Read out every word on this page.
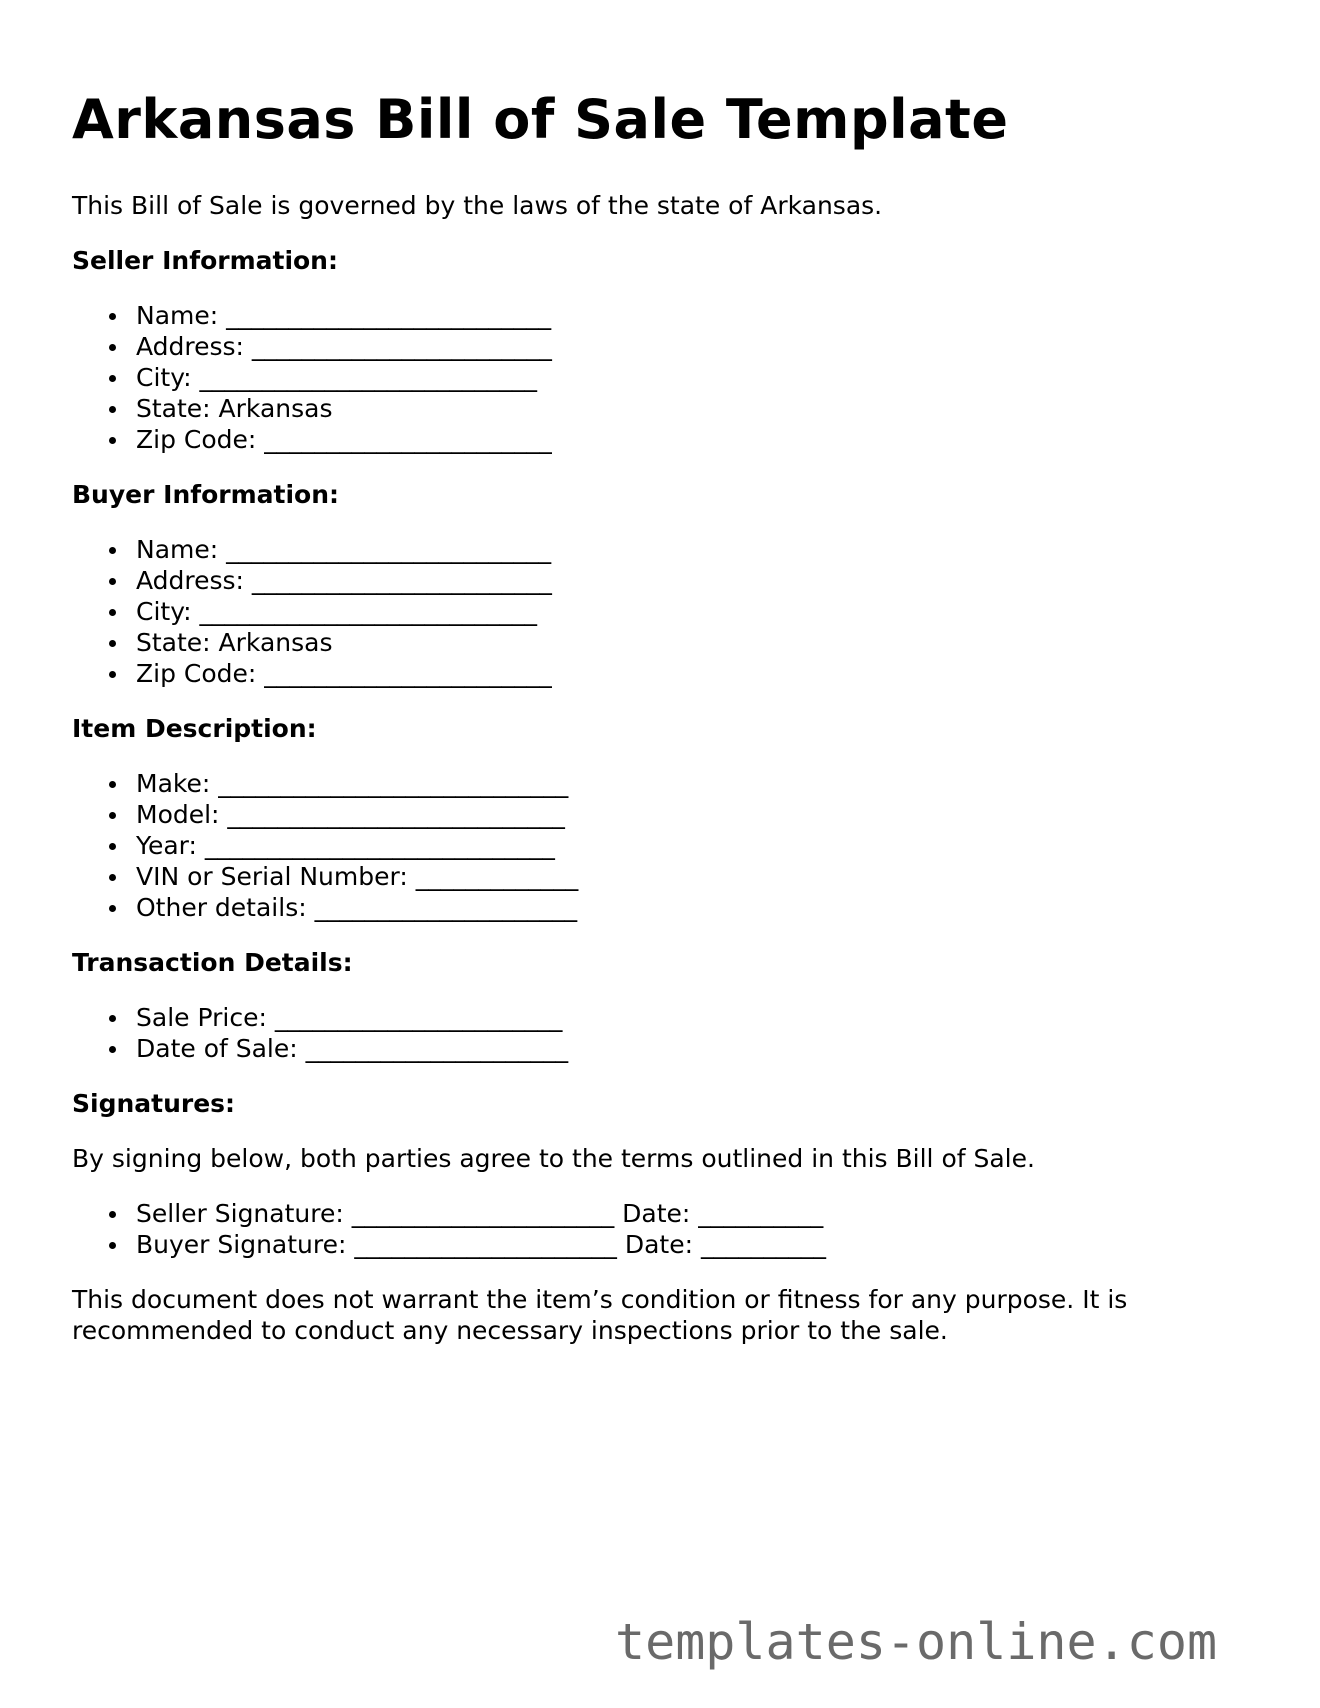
Arkansas Bill of Sale Template

This Bill of Sale is governed by the laws of the state of Arkansas.

Seller Information:
Name: __________________________
Address: ________________________
City: ___________________________
State: Arkansas
Zip Code: _______________________
Buyer Information:
Name: __________________________
Address: ________________________
City: ___________________________
State: Arkansas
Zip Code: _______________________
Item Description:
Make: ____________________________
Model: ___________________________
Year: ____________________________
VIN or Serial Number: _____________
Other details: _____________________
Transaction Details:
Sale Price: _______________________
Date of Sale: _____________________
Signatures:

By signing below, both parties agree to the terms outlined in this Bill of Sale.

Seller Signature: _____________________ Date: __________
Buyer Signature: _____________________ Date: __________

This document does not warrant the item’s condition or fitness for any purpose. It is recommended to conduct any necessary inspections prior to the sale.

templates-online.com
